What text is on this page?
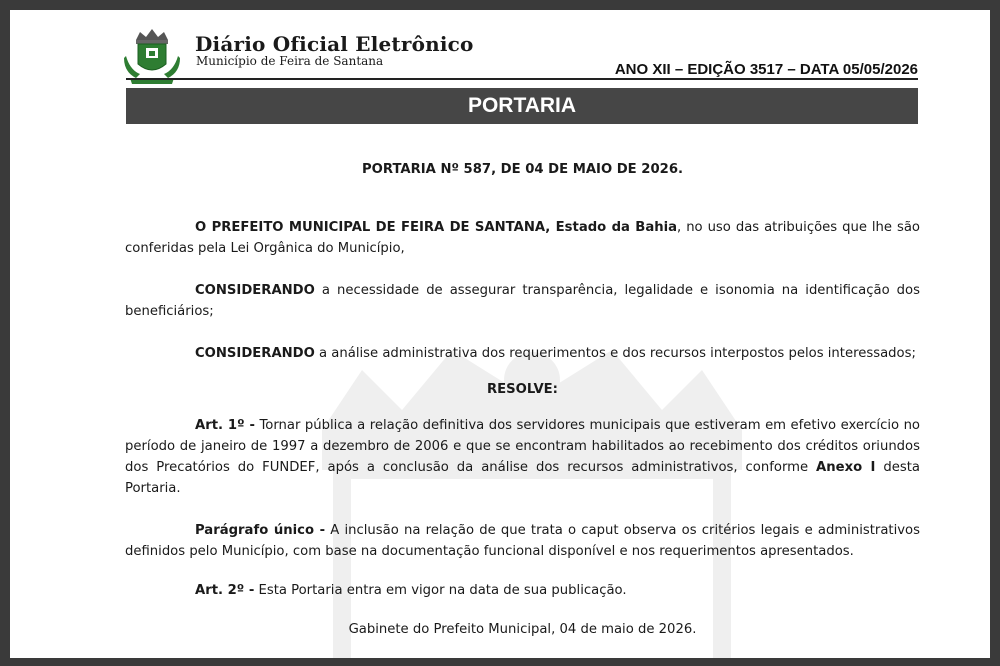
Diário Oficial Eletrônico
Município de Feira de Santana	ANO XII – EDIÇÃO 3517 – DATA 05/05/2026
PORTARIA
PORTARIA Nº 587, DE 04 DE MAIO DE 2026.
O PREFEITO MUNICIPAL DE FEIRA DE SANTANA, Estado da Bahia, no uso das atribuições que lhe são conferidas pela Lei Orgânica do Município,
CONSIDERANDO a necessidade de assegurar transparência, legalidade e isonomia na identificação dos beneficiários;
CONSIDERANDO a análise administrativa dos requerimentos e dos recursos interpostos pelos interessados;
RESOLVE:
Art. 1º - Tornar pública a relação definitiva dos servidores municipais que estiveram em efetivo exercício no período de janeiro de 1997 a dezembro de 2006 e que se encontram habilitados ao recebimento dos créditos oriundos dos Precatórios do FUNDEF, após a conclusão da análise dos recursos administrativos, conforme Anexo I desta Portaria.
Parágrafo único - A inclusão na relação de que trata o caput observa os critérios legais e administrativos definidos pelo Município, com base na documentação funcional disponível e nos requerimentos apresentados.
Art. 2º - Esta Portaria entra em vigor na data de sua publicação.
Gabinete do Prefeito Municipal, 04 de maio de 2026.
